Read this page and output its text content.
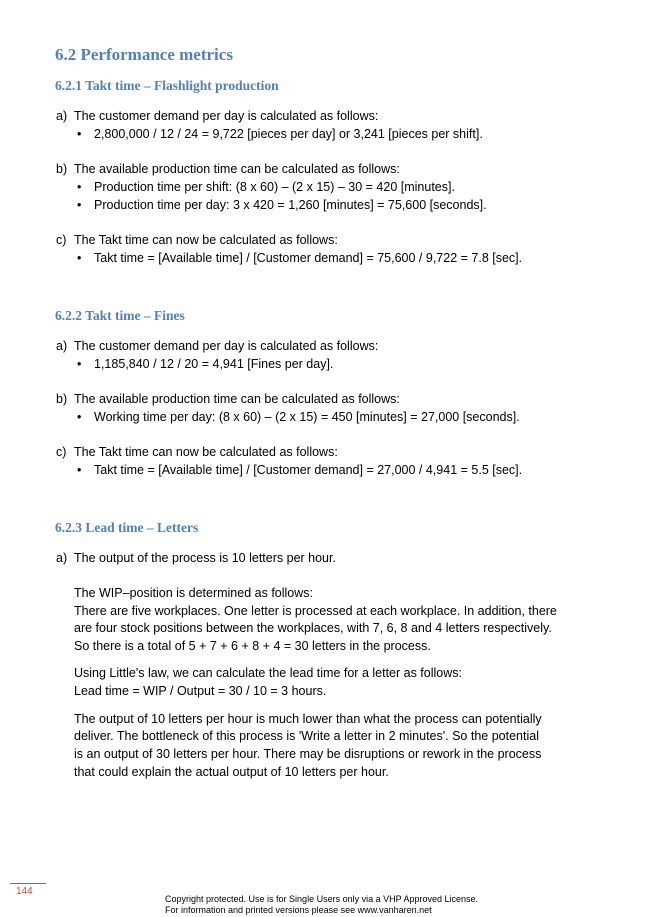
6.2 Performance metrics
6.2.1 Takt time – Flashlight production
a) The customer demand per day is calculated as follows:
• 2,800,000 / 12 / 24 = 9,722 [pieces per day] or 3,241 [pieces per shift].
b) The available production time can be calculated as follows:
• Production time per shift: (8 x 60) – (2 x 15) – 30 = 420 [minutes].
• Production time per day: 3 x 420 = 1,260 [minutes] = 75,600 [seconds].
c) The Takt time can now be calculated as follows:
• Takt time = [Available time] / [Customer demand] = 75,600 / 9,722 = 7.8 [sec].
6.2.2 Takt time – Fines
a) The customer demand per day is calculated as follows:
• 1,185,840 / 12 / 20 = 4,941 [Fines per day].
b) The available production time can be calculated as follows:
• Working time per day: (8 x 60) – (2 x 15) = 450 [minutes] = 27,000 [seconds].
c) The Takt time can now be calculated as follows:
• Takt time = [Available time] / [Customer demand] = 27,000 / 4,941 = 5.5 [sec].
6.2.3 Lead time – Letters
a) The output of the process is 10 letters per hour.
The WIP–position is determined as follows:
There are five workplaces. One letter is processed at each workplace. In addition, there
are four stock positions between the workplaces, with 7, 6, 8 and 4 letters respectively.
So there is a total of 5 + 7 + 6 + 8 + 4 = 30 letters in the process.
Using Little's law, we can calculate the lead time for a letter as follows:
Lead time = WIP / Output = 30 / 10 = 3 hours.
The output of 10 letters per hour is much lower than what the process can potentially
deliver. The bottleneck of this process is 'Write a letter in 2 minutes'. So the potential
is an output of 30 letters per hour. There may be disruptions or rework in the process
that could explain the actual output of 10 letters per hour.
144
Copyright protected. Use is for Single Users only via a VHP Approved License.
For information and printed versions please see www.vanharen.net
